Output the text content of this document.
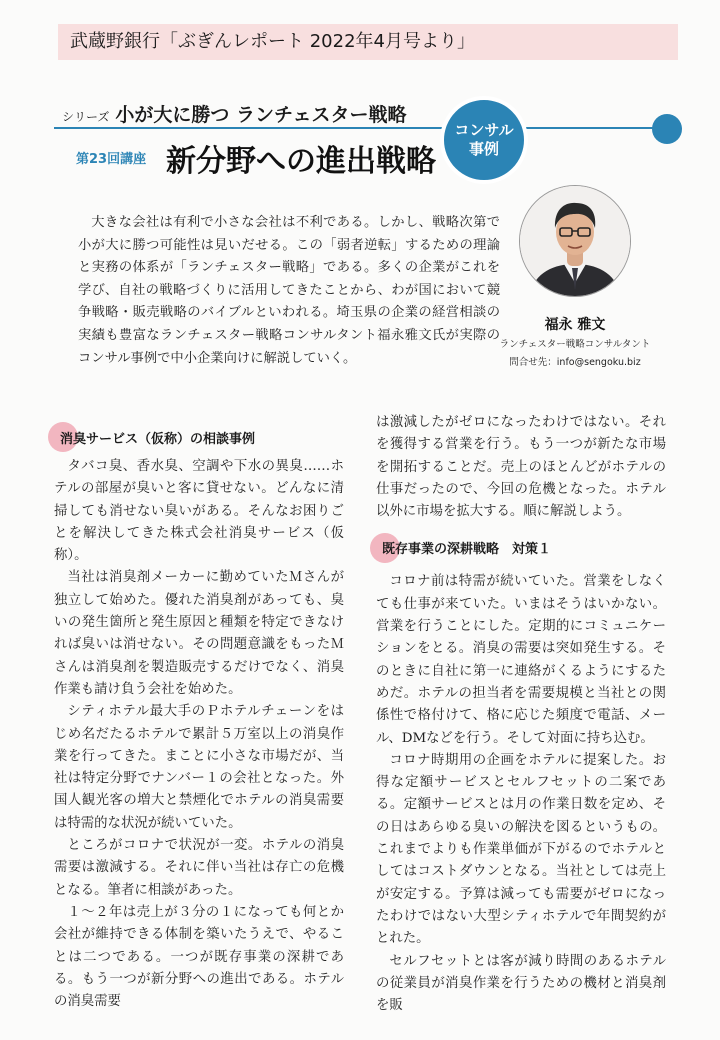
武蔵野銀行「ぶぎんレポート 2022年4月号より」
シリーズ 小が大に勝つ ランチェスター戦略
第23回講座 新分野への進出戦略
コンサル
事例
大きな会社は有利で小さな会社は不利である。しかし、戦略次第で小が大に勝つ可能性は見いだせる。この「弱者逆転」するための理論と実務の体系が「ランチェスター戦略」である。多くの企業がこれを学び、自社の戦略づくりに活用してきたことから、わが国において競争戦略・販売戦略のバイブルといわれる。埼玉県の企業の経営相談の実績も豊富なランチェスター戦略コンサルタント福永雅文氏が実際のコンサル事例で中小企業向けに解説していく。
福永 雅文
ランチェスター戦略コンサルタント
問合せ先：info@sengoku.biz
消臭サービス（仮称）の相談事例

タバコ臭、香水臭、空調や下水の異臭……ホテルの部屋が臭いと客に貸せない。どんなに清掃しても消せない臭いがある。そんなお困りごとを解決してきた株式会社消臭サービス（仮称）。

当社は消臭剤メーカーに勤めていたＭさんが独立して始めた。優れた消臭剤があっても、臭いの発生箇所と発生原因と種類を特定できなければ臭いは消せない。その問題意識をもったＭさんは消臭剤を製造販売するだけでなく、消臭作業も請け負う会社を始めた。

シティホテル最大手のＰホテルチェーンをはじめ名だたるホテルで累計５万室以上の消臭作業を行ってきた。まことに小さな市場だが、当社は特定分野でナンバー１の会社となった。外国人観光客の増大と禁煙化でホテルの消臭需要は特需的な状況が続いていた。

ところがコロナで状況が一変。ホテルの消臭需要は激減する。それに伴い当社は存亡の危機となる。筆者に相談があった。

１～２年は売上が３分の１になっても何とか会社が維持できる体制を築いたうえで、やることは二つである。一つが既存事業の深耕である。もう一つが新分野への進出である。ホテルの消臭需要

は激減したがゼロになったわけではない。それを獲得する営業を行う。もう一つが新たな市場を開拓することだ。売上のほとんどがホテルの仕事だったので、今回の危機となった。ホテル以外に市場を拡大する。順に解説しよう。

既存事業の深耕戦略　対策１

コロナ前は特需が続いていた。営業をしなくても仕事が来ていた。いまはそうはいかない。営業を行うことにした。定期的にコミュニケーションをとる。消臭の需要は突如発生する。そのときに自社に第一に連絡がくるようにするためだ。ホテルの担当者を需要規模と当社との関係性で格付けて、格に応じた頻度で電話、メール、DMなどを行う。そして対面に持ち込む。

コロナ時期用の企画をホテルに提案した。お得な定額サービスとセルフセットの二案である。定額サービスとは月の作業日数を定め、その日はあらゆる臭いの解決を図るというもの。これまでよりも作業単価が下がるのでホテルとしてはコストダウンとなる。当社としては売上が安定する。予算は減っても需要がゼロになったわけではない大型シティホテルで年間契約がとれた。

セルフセットとは客が減り時間のあるホテルの従業員が消臭作業を行うための機材と消臭剤を販
